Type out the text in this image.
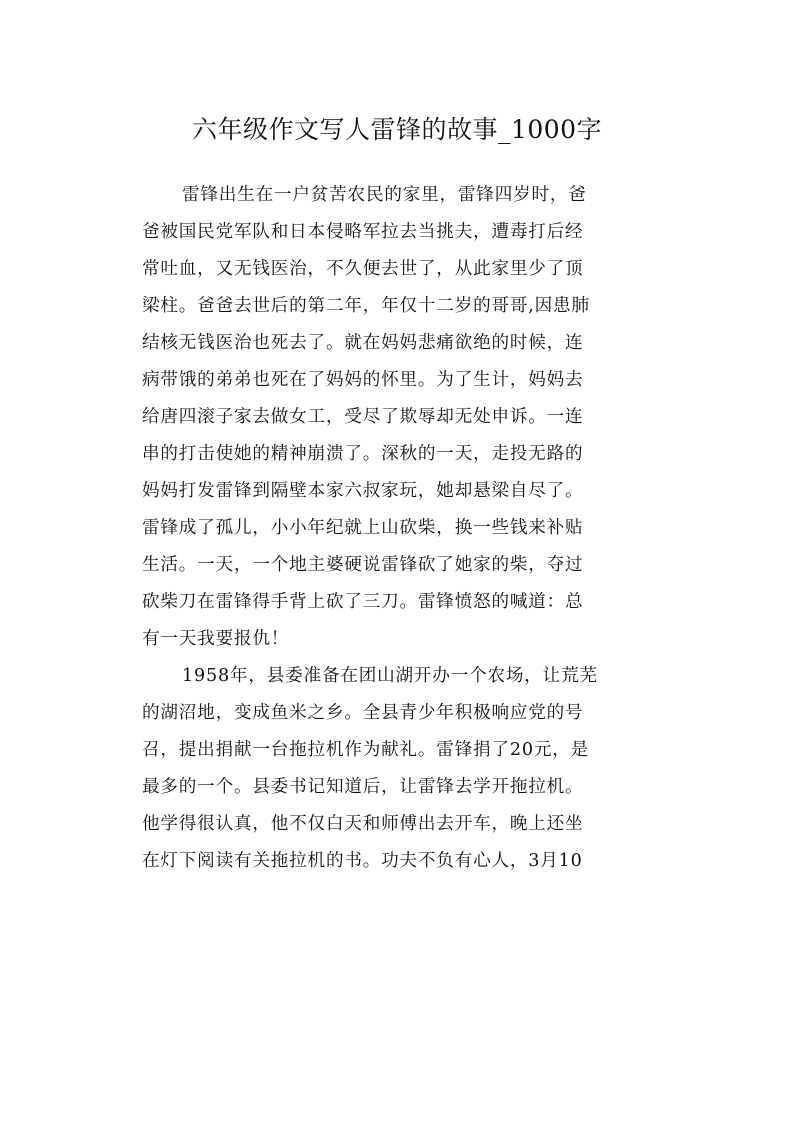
六年级作文写人雷锋的故事_1000字
雷锋出生在一户贫苦农民的家里，雷锋四岁时，爸
爸被国民党军队和日本侵略军拉去当挑夫，遭毒打后经
常吐血，又无钱医治，不久便去世了，从此家里少了顶
梁柱。爸爸去世后的第二年，年仅十二岁的哥哥,因患肺
结核无钱医治也死去了。就在妈妈悲痛欲绝的时候，连
病带饿的弟弟也死在了妈妈的怀里。为了生计，妈妈去
给唐四滚子家去做女工，受尽了欺辱却无处申诉。一连
串的打击使她的精神崩溃了。深秋的一天，走投无路的
妈妈打发雷锋到隔壁本家六叔家玩，她却悬梁自尽了。
雷锋成了孤儿，小小年纪就上山砍柴，换一些钱来补贴
生活。一天，一个地主婆硬说雷锋砍了她家的柴，夺过
砍柴刀在雷锋得手背上砍了三刀。雷锋愤怒的喊道：总
有一天我要报仇！
1958年，县委准备在团山湖开办一个农场，让荒芜
的湖沼地，变成鱼米之乡。全县青少年积极响应党的号
召，提出捐献一台拖拉机作为献礼。雷锋捐了20元，是
最多的一个。县委书记知道后，让雷锋去学开拖拉机。
他学得很认真，他不仅白天和师傅出去开车，晚上还坐
在灯下阅读有关拖拉机的书。功夫不负有心人，3月10
